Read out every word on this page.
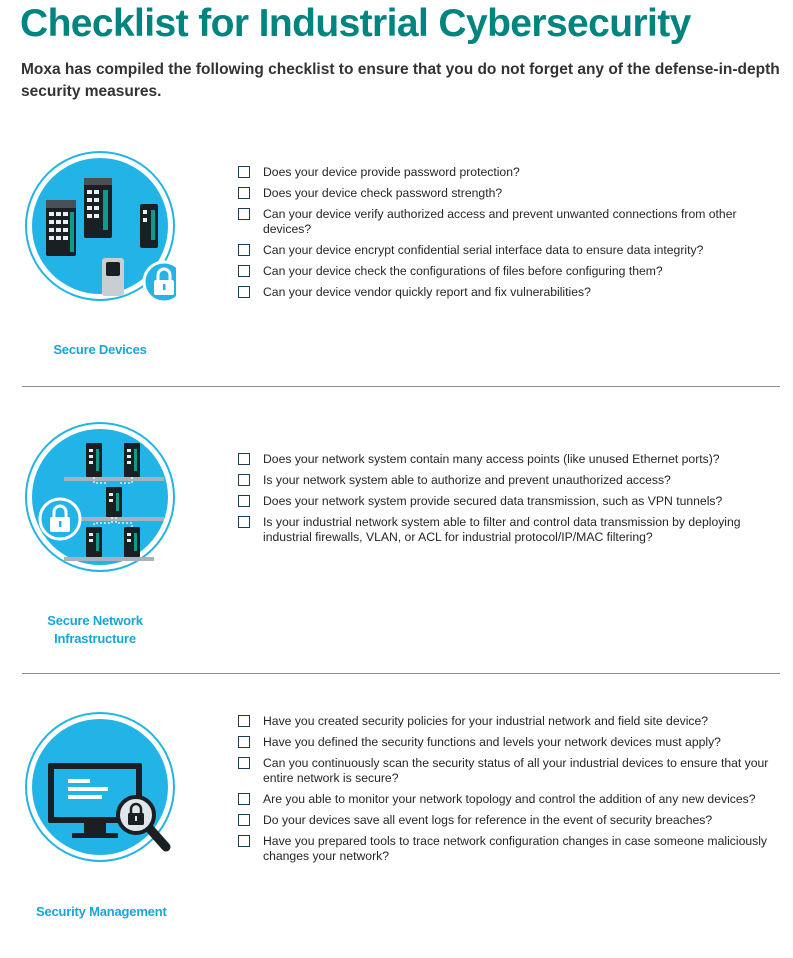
Checklist for Industrial Cybersecurity

Moxa has compiled the following checklist to ensure that you do not forget any of the defense-in-depth security measures.

Secure Devices

Does your device provide password protection?
Does your device check password strength?
Can your device verify authorized access and prevent unwanted connections from other devices?
Can your device encrypt confidential serial interface data to ensure data integrity?
Can your device check the configurations of files before configuring them?
Can your device vendor quickly report and fix vulnerabilities?

Secure Network Infrastructure

Does your network system contain many access points (like unused Ethernet ports)?
Is your network system able to authorize and prevent unauthorized access?
Does your network system provide secured data transmission, such as VPN tunnels?
Is your industrial network system able to filter and control data transmission by deploying industrial firewalls, VLAN, or ACL for industrial protocol/IP/MAC filtering?

Security Management

Have you created security policies for your industrial network and field site device?
Have you defined the security functions and levels your network devices must apply?
Can you continuously scan the security status of all your industrial devices to ensure that your entire network is secure?
Are you able to monitor your network topology and control the addition of any new devices?
Do your devices save all event logs for reference in the event of security breaches?
Have you prepared tools to trace network configuration changes in case someone maliciously changes your network?
